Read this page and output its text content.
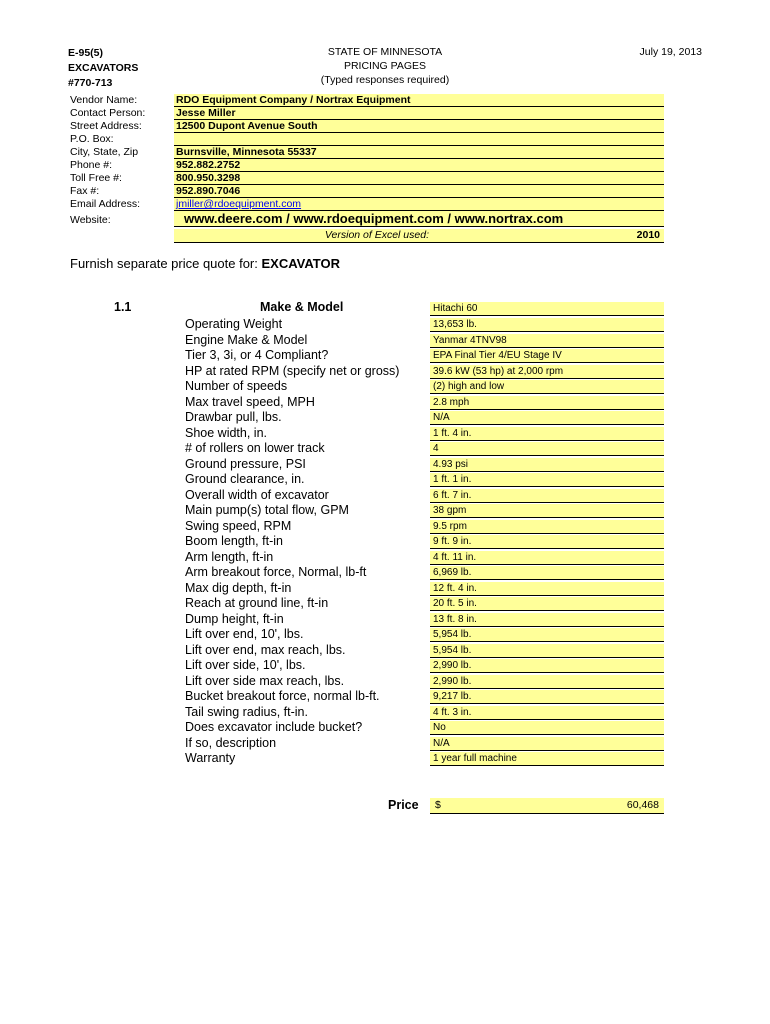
E-95(5)
EXCAVATORS
#770-713
STATE OF MINNESOTA
PRICING PAGES
(Typed responses required)
July 19, 2013
Vendor Name:	RDO Equipment Company / Nortrax Equipment
Contact Person:	Jesse Miller
Street Address:	12500 Dupont Avenue South
P.O. Box:
City, State, Zip	Burnsville, Minnesota 55337
Phone #:	952.882.2752
Toll Free #:	800.950.3298
Fax #:	952.890.7046
Email Address:	jmiller@rdoequipment.com
Website:	www.deere.com / www.rdoequipment.com / www.nortrax.com
Version of Excel used:	2010
Furnish separate price quote for: EXCAVATOR
1.1	Make & Model	Hitachi 60
Operating Weight	13,653 lb.
Engine Make & Model	Yanmar 4TNV98
Tier 3, 3i, or 4 Compliant?	EPA Final Tier 4/EU Stage IV
HP at rated RPM (specify net or gross)	39.6 kW (53 hp) at 2,000 rpm
Number of speeds	(2) high and low
Max travel speed, MPH	2.8 mph
Drawbar pull, lbs.	N/A
Shoe width, in.	1 ft. 4 in.
# of rollers on lower track	4
Ground pressure, PSI	4.93 psi
Ground clearance, in.	1 ft. 1 in.
Overall width of excavator	6 ft. 7 in.
Main pump(s) total flow, GPM	38 gpm
Swing speed, RPM	9.5 rpm
Boom length, ft-in	9 ft. 9 in.
Arm length, ft-in	4 ft. 11 in.
Arm breakout force, Normal, lb-ft	6,969 lb.
Max dig depth, ft-in	12 ft. 4 in.
Reach at ground line, ft-in	20 ft. 5 in.
Dump height, ft-in	13 ft. 8 in.
Lift over end, 10', lbs.	5,954 lb.
Lift over end, max reach, lbs.	5,954 lb.
Lift over side, 10', lbs.	2,990 lb.
Lift over side max reach, lbs.	2,990 lb.
Bucket breakout force, normal lb-ft.	9,217 lb.
Tail swing radius, ft-in.	4 ft. 3 in.
Does excavator include bucket?	No
If so, description	N/A
Warranty	1 year full machine
Price $	60,468
